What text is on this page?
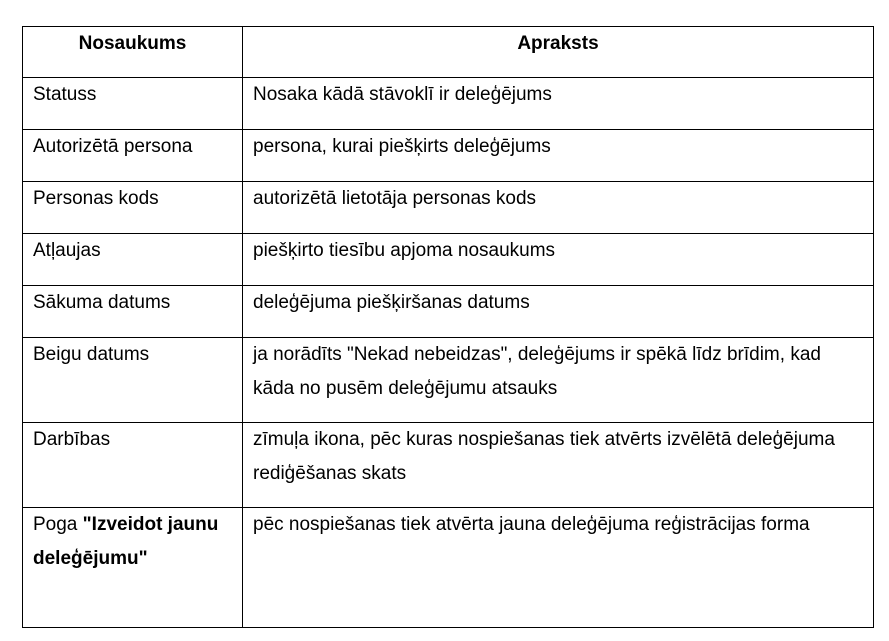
Nosaukums	Apraksts
Statuss	Nosaka kādā stāvoklī ir deleģējums
Autorizētā persona	persona, kurai piešķirts deleģējums
Personas kods	autorizētā lietotāja personas kods
Atļaujas	piešķirto tiesību apjoma nosaukums
Sākuma datums	deleģējuma piešķiršanas datums
Beigu datums	ja norādīts "Nekad nebeidzas", deleģējums ir spēkā līdz brīdim, kad kāda no pusēm deleģējumu atsauks
Darbības	zīmuļa ikona, pēc kuras nospiešanas tiek atvērts izvēlētā deleģējuma rediģēšanas skats
Poga "Izveidot jaunu deleģējumu"	pēc nospiešanas tiek atvērta jauna deleģējuma reģistrācijas forma
